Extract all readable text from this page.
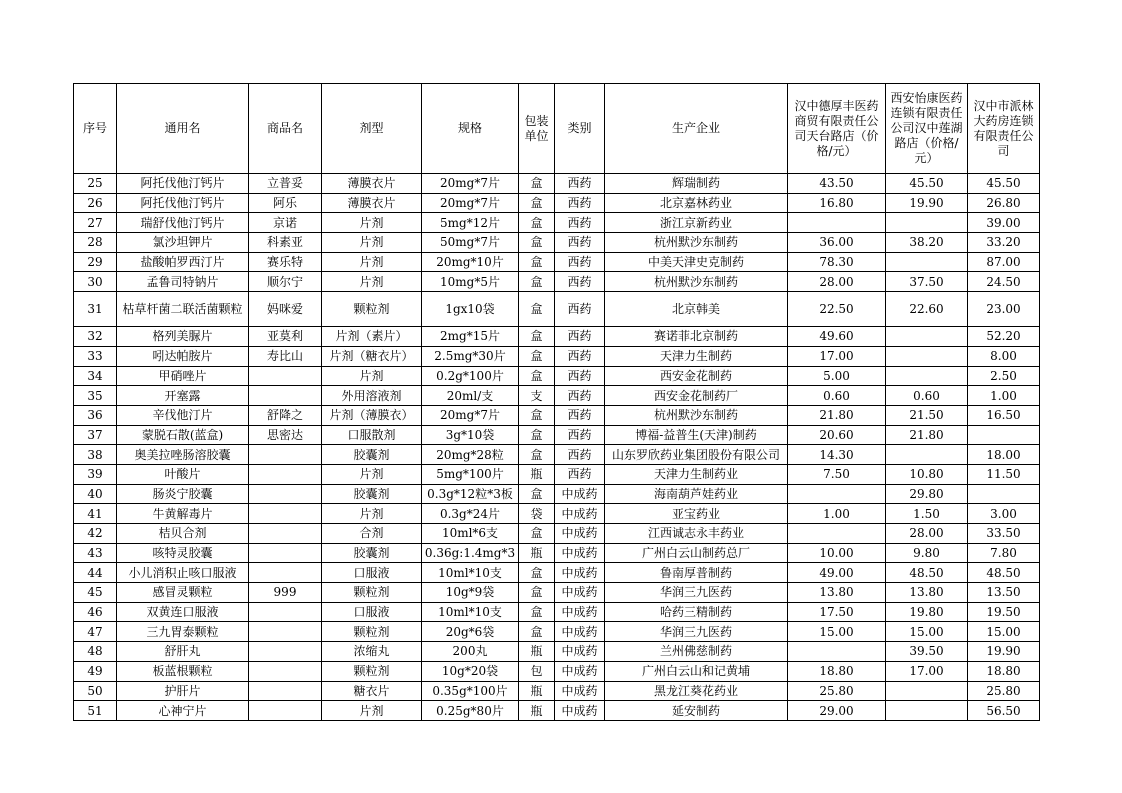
序号	通用名	商品名	剂型	规格	包装单位	类别	生产企业	汉中德厚丰医药商贸有限责任公司天台路店（价格/元）	西安怡康医药连锁有限责任公司汉中莲湖路店（价格/元）	汉中市派林大药房连锁有限责任公司
25	阿托伐他汀钙片	立普妥	薄膜衣片	20mg*7片	盒	西药	辉瑞制药	43.50	45.50	45.50
26	阿托伐他汀钙片	阿乐	薄膜衣片	20mg*7片	盒	西药	北京嘉林药业	16.80	19.90	26.80
27	瑞舒伐他汀钙片	京诺	片剂	5mg*12片	盒	西药	浙江京新药业			39.00
28	氯沙坦钾片	科素亚	片剂	50mg*7片	盒	西药	杭州默沙东制药	36.00	38.20	33.20
29	盐酸帕罗西汀片	赛乐特	片剂	20mg*10片	盒	西药	中美天津史克制药	78.30		87.00
30	孟鲁司特钠片	顺尔宁	片剂	10mg*5片	盒	西药	杭州默沙东制药	28.00	37.50	24.50
31	枯草杆菌二联活菌颗粒	妈咪爱	颗粒剂	1gx10袋	盒	西药	北京韩美	22.50	22.60	23.00
32	格列美脲片	亚莫利	片剂（素片）	2mg*15片	盒	西药	赛诺菲北京制药	49.60		52.20
33	吲达帕胺片	寿比山	片剂（糖衣片）	2.5mg*30片	盒	西药	天津力生制药	17.00		8.00
34	甲硝唑片		片剂	0.2g*100片	盒	西药	西安金花制药	5.00		2.50
35	开塞露		外用溶液剂	20ml/支	支	西药	西安金花制药厂	0.60	0.60	1.00
36	辛伐他汀片	舒降之	片剂（薄膜衣）	20mg*7片	盒	西药	杭州默沙东制药	21.80	21.50	16.50
37	蒙脱石散(蓝盒)	思密达	口服散剂	3g*10袋	盒	西药	博福-益普生(天津)制药	20.60	21.80	
38	奥美拉唑肠溶胶囊		胶囊剂	20mg*28粒	盒	西药	山东罗欣药业集团股份有限公司	14.30		18.00
39	叶酸片		片剂	5mg*100片	瓶	西药	天津力生制药业	7.50	10.80	11.50
40	肠炎宁胶囊		胶囊剂	0.3g*12粒*3板	盒	中成药	海南葫芦娃药业		29.80	
41	牛黄解毒片		片剂	0.3g*24片	袋	中成药	亚宝药业	1.00	1.50	3.00
42	桔贝合剂		合剂	10ml*6支	盒	中成药	江西诚志永丰药业		28.00	33.50
43	咳特灵胶囊		胶囊剂	0.36g:1.4mg*3	瓶	中成药	广州白云山制药总厂	10.00	9.80	7.80
44	小儿消积止咳口服液		口服液	10ml*10支	盒	中成药	鲁南厚普制药	49.00	48.50	48.50
45	感冒灵颗粒	999	颗粒剂	10g*9袋	盒	中成药	华润三九医药	13.80	13.80	13.50
46	双黄连口服液		口服液	10ml*10支	盒	中成药	哈药三精制药	17.50	19.80	19.50
47	三九胃泰颗粒		颗粒剂	20g*6袋	盒	中成药	华润三九医药	15.00	15.00	15.00
48	舒肝丸		浓缩丸	200丸	瓶	中成药	兰州佛慈制药		39.50	19.90
49	板蓝根颗粒		颗粒剂	10g*20袋	包	中成药	广州白云山和记黄埔	18.80	17.00	18.80
50	护肝片		糖衣片	0.35g*100片	瓶	中成药	黑龙江葵花药业	25.80		25.80
51	心神宁片		片剂	0.25g*80片	瓶	中成药	延安制药	29.00		56.50
